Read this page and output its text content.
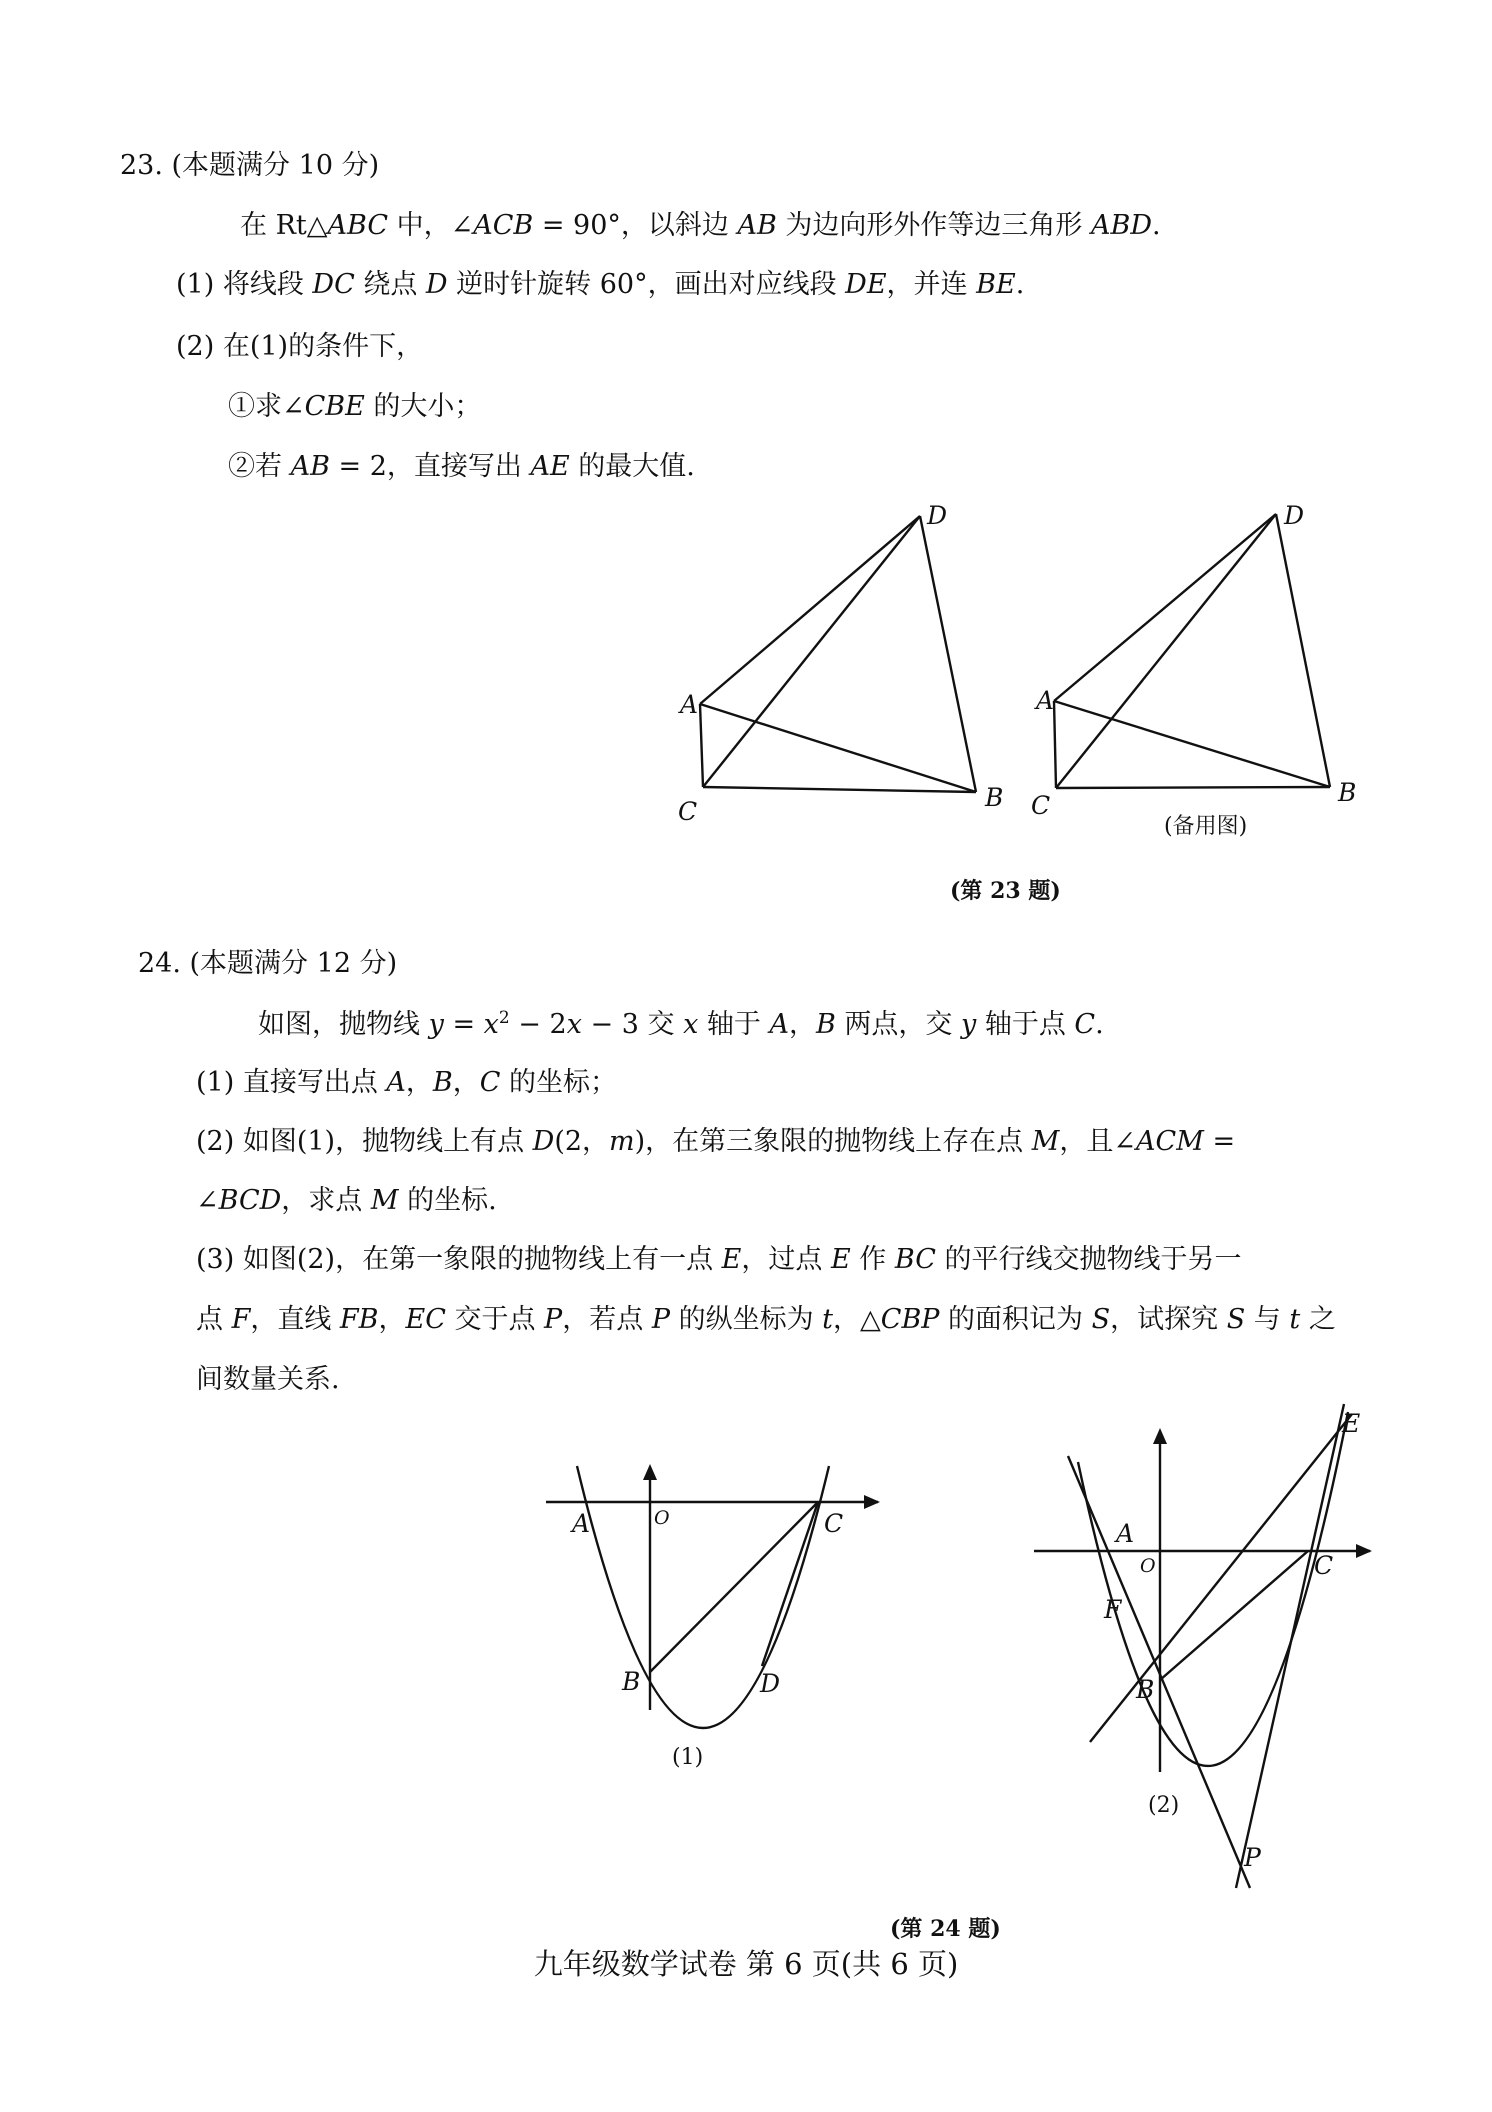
23. (本题满分 10 分)
在 Rt△ABC 中，∠ACB = 90°，以斜边 AB 为边向形外作等边三角形 ABD.
(1) 将线段 DC 绕点 D 逆时针旋转 60°，画出对应线段 DE，并连 BE.
(2) 在(1)的条件下，
①求∠CBE 的大小；
②若 AB = 2，直接写出 AE 的最大值.
D
A
C	B
D
A
C	B
(备用图)
(第 23 题)
24. (本题满分 12 分)
如图，抛物线 $y = x^2 - 2x - 3$ 交 x 轴于 A，B 两点，交 y 轴于点 C.
(1) 直接写出点 A，B，C 的坐标；
(2) 如图(1)，抛物线上有点 D(2，m)，在第三象限的抛物线上存在点 M，且∠ACM =
∠BCD，求点 M 的坐标.
(3) 如图(2)，在第一象限的抛物线上有一点 E，过点 E 作 BC 的平行线交抛物线于另一
点 F，直线 FB，EC 交于点 P，若点 P 的纵坐标为 t，△CBP 的面积记为 S，试探究 S 与 t 之
间数量关系.
A	O	C
B	D
(1)
E
A
O	C
F
B
P
(2)
(第 24 题)
九年级数学试卷 第 6 页(共 6 页)
